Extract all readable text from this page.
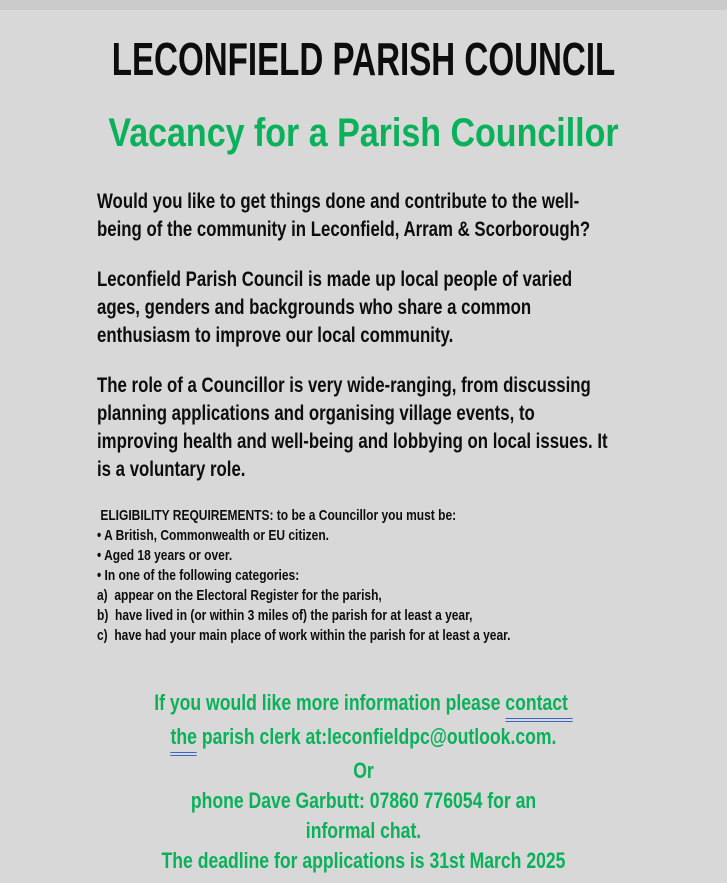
LECONFIELD PARISH COUNCIL
Vacancy for a Parish Councillor
Would you like to get things done and contribute to the well-
being of the community in Leconfield, Arram & Scorborough?
Leconfield Parish Council is made up local people of varied
ages, genders and backgrounds who share a common
enthusiasm to improve our local community.
The role of a Councillor is very wide-ranging, from discussing
planning applications and organising village events, to
improving health and well-being and lobbying on local issues. It
is a voluntary role.
ELIGIBILITY REQUIREMENTS: to be a Councillor you must be:
• A British, Commonwealth or EU citizen.
• Aged 18 years or over.
• In one of the following categories:
a)  appear on the Electoral Register for the parish,
b)  have lived in (or within 3 miles of) the parish for at least a year,
c)  have had your main place of work within the parish for at least a year.
If you would like more information please contact
the parish clerk at:leconfieldpc@outlook.com.
Or
phone Dave Garbutt: 07860 776054 for an
informal chat.
The deadline for applications is 31st March 2025
